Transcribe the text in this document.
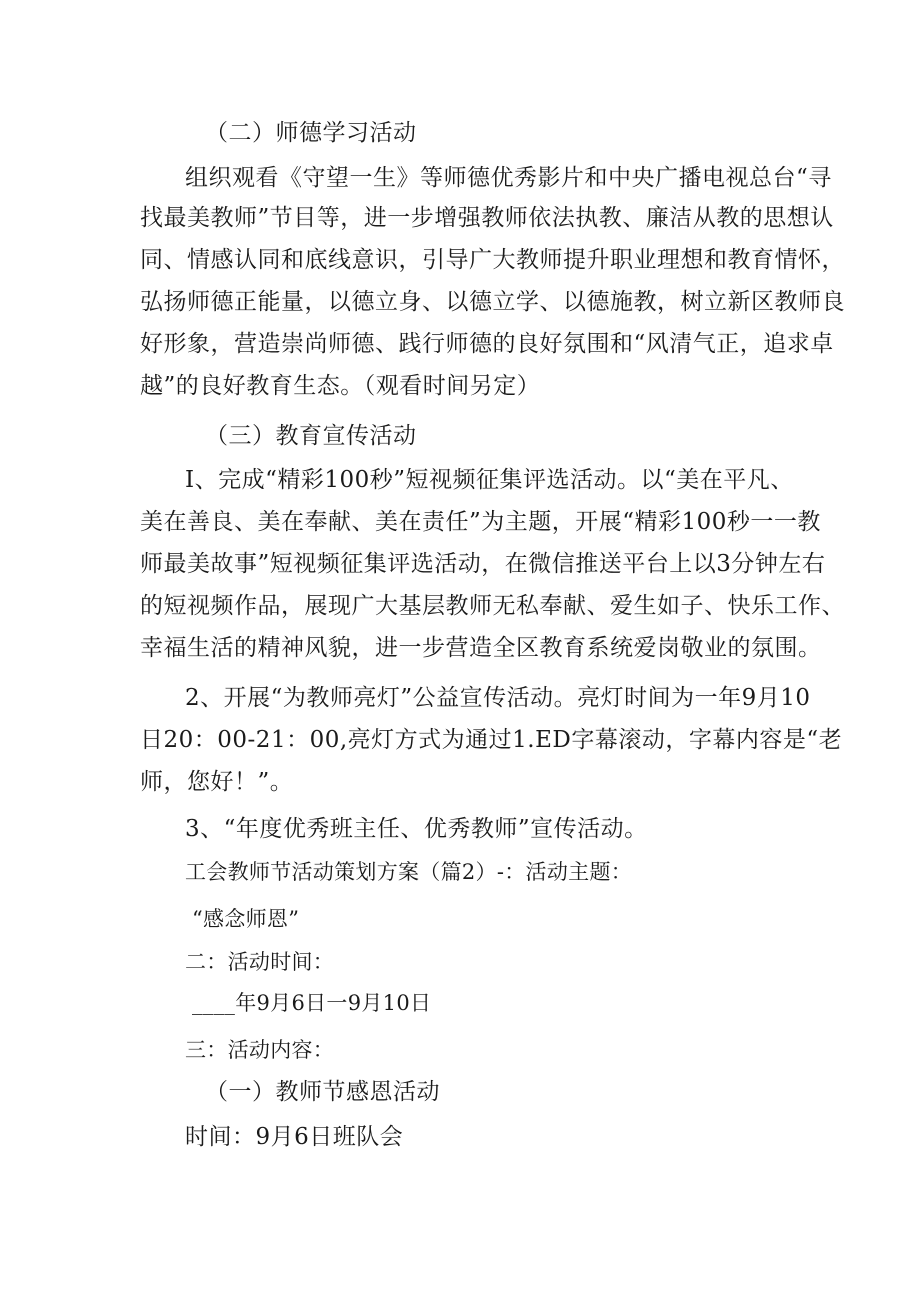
（二）师德学习活动
组织观看《守望一生》等师德优秀影片和中央广播电视总台“寻
找最美教师”节目等，进一步增强教师依法执教、廉洁从教的思想认
同、情感认同和底线意识，引导广大教师提升职业理想和教育情怀，
弘扬师德正能量，以德立身、以德立学、以德施教，树立新区教师良
好形象，营造崇尚师德、践行师德的良好氛围和“风清气正，追求卓
越”的良好教育生态。（观看时间另定）
（三）教育宣传活动
I、完成“精彩100秒”短视频征集评选活动。以“美在平凡、
美在善良、美在奉献、美在责任”为主题，开展“精彩100秒一一教
师最美故事”短视频征集评选活动，在微信推送平台上以3分钟左右
的短视频作品，展现广大基层教师无私奉献、爱生如子、快乐工作、
幸福生活的精神风貌，进一步营造全区教育系统爱岗敬业的氛围。
2、开展“为教师亮灯”公益宣传活动。亮灯时间为一年9月10
日20：00-21：00,亮灯方式为通过1.ED字幕滚动，字幕内容是“老
师，您好！”。
3、“年度优秀班主任、优秀教师”宣传活动。
工会教师节活动策划方案（篇2）-：活动主题：
“感念师恩”
二：活动时间：
____年9月6日一9月10日
三：活动内容：
（一）教师节感恩活动
时间：9月6日班队会
